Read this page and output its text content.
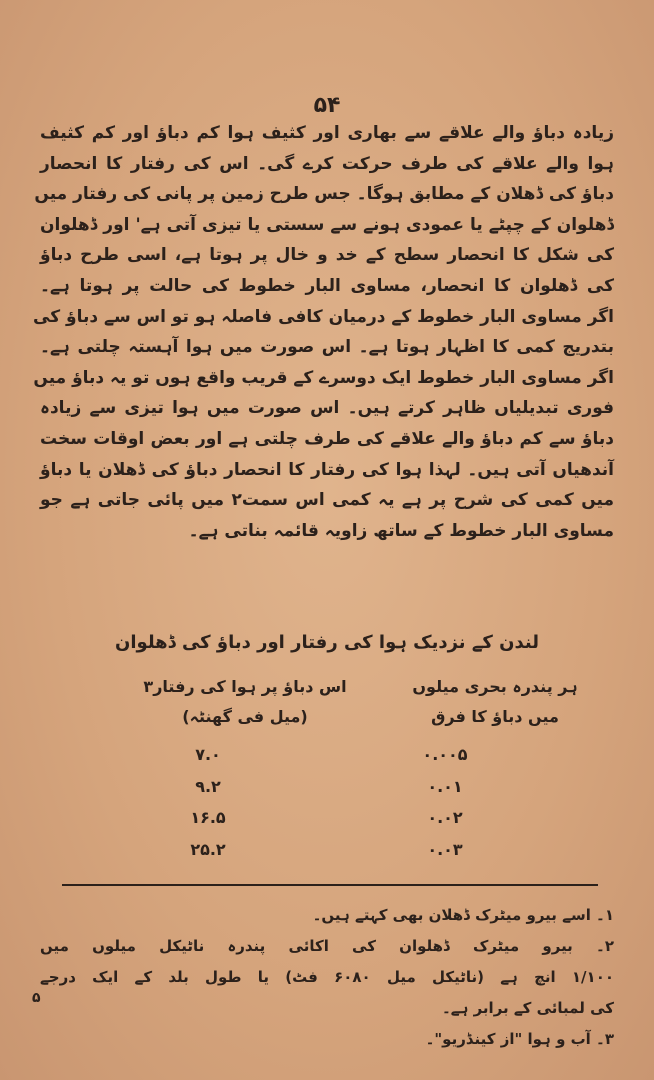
۵۴
زیادہ دباؤ والے علاقے سے بھاری اور کثیف ہوا کم دباؤ اور کم کثیف
ہوا والے علاقے کی طرف حرکت کرے گی۔ اس کی رفتار کا انحصار
دباؤ کی ڈھلان کے مطابق ہوگا۔ جس طرح زمین پر پانی کی رفتار میں
ڈھلوان کے چپٹے یا عمودی ہونے سے سستی یا تیزی آتی ہے' اور ڈھلوان
کی شکل کا انحصار سطح کے خد و خال پر ہوتا ہے، اسی طرح دباؤ
کی ڈھلوان کا انحصار، مساوی البار خطوط کی حالت پر ہوتا ہے۔
اگر مساوی البار خطوط کے درمیان کافی فاصلہ ہو تو اس سے دباؤ کی
بتدریج کمی کا اظہار ہوتا ہے۔ اس صورت میں ہوا آہستہ چلتی ہے۔
اگر مساوی البار خطوط ایک دوسرے کے قریب واقع ہوں تو یہ دباؤ میں
فوری تبدیلیاں ظاہر کرتے ہیں۔ اس صورت میں ہوا تیزی سے زیادہ
دباؤ سے کم دباؤ والے علاقے کی طرف چلتی ہے اور بعض اوقات سخت
آندھیاں آتی ہیں۔ لہذا ہوا کی رفتار کا انحصار دباؤ کی ڈھلان یا دباؤ
میں کمی کی شرح پر ہے یہ کمی اس سمت۲ میں پائی جاتی ہے جو
مساوی البار خطوط کے ساتھ زاویہ قائمہ بناتی ہے۔
لندن کے نزدیک ہوا کی رفتار اور دباؤ کی ڈھلوان
ہر پندرہ بحری میلوں
میں دباؤ کا فرق
اس دباؤ پر ہوا کی رفتار۳
(میل فی گھنٹہ)
۰.۰۰۵
۷.۰
۰.۰۱
۹.۲
۰.۰۲
۱۶.۵
۰.۰۳
۲۵.۲
۱۔ اسے بیرو میٹرک ڈھلان بھی کہتے ہیں۔
۲۔ بیرو میٹرک ڈھلوان کی اکائی پندرہ ناٹیکل میلوں میں
۱/۱۰۰ انچ ہے (ناٹیکل میل ۶۰۸۰ فٹ) یا طول بلد کے ایک درجے
کی لمبائی کے برابر ہے۔
۳۔ آب و ہوا "از کینڈریو"۔
۵
